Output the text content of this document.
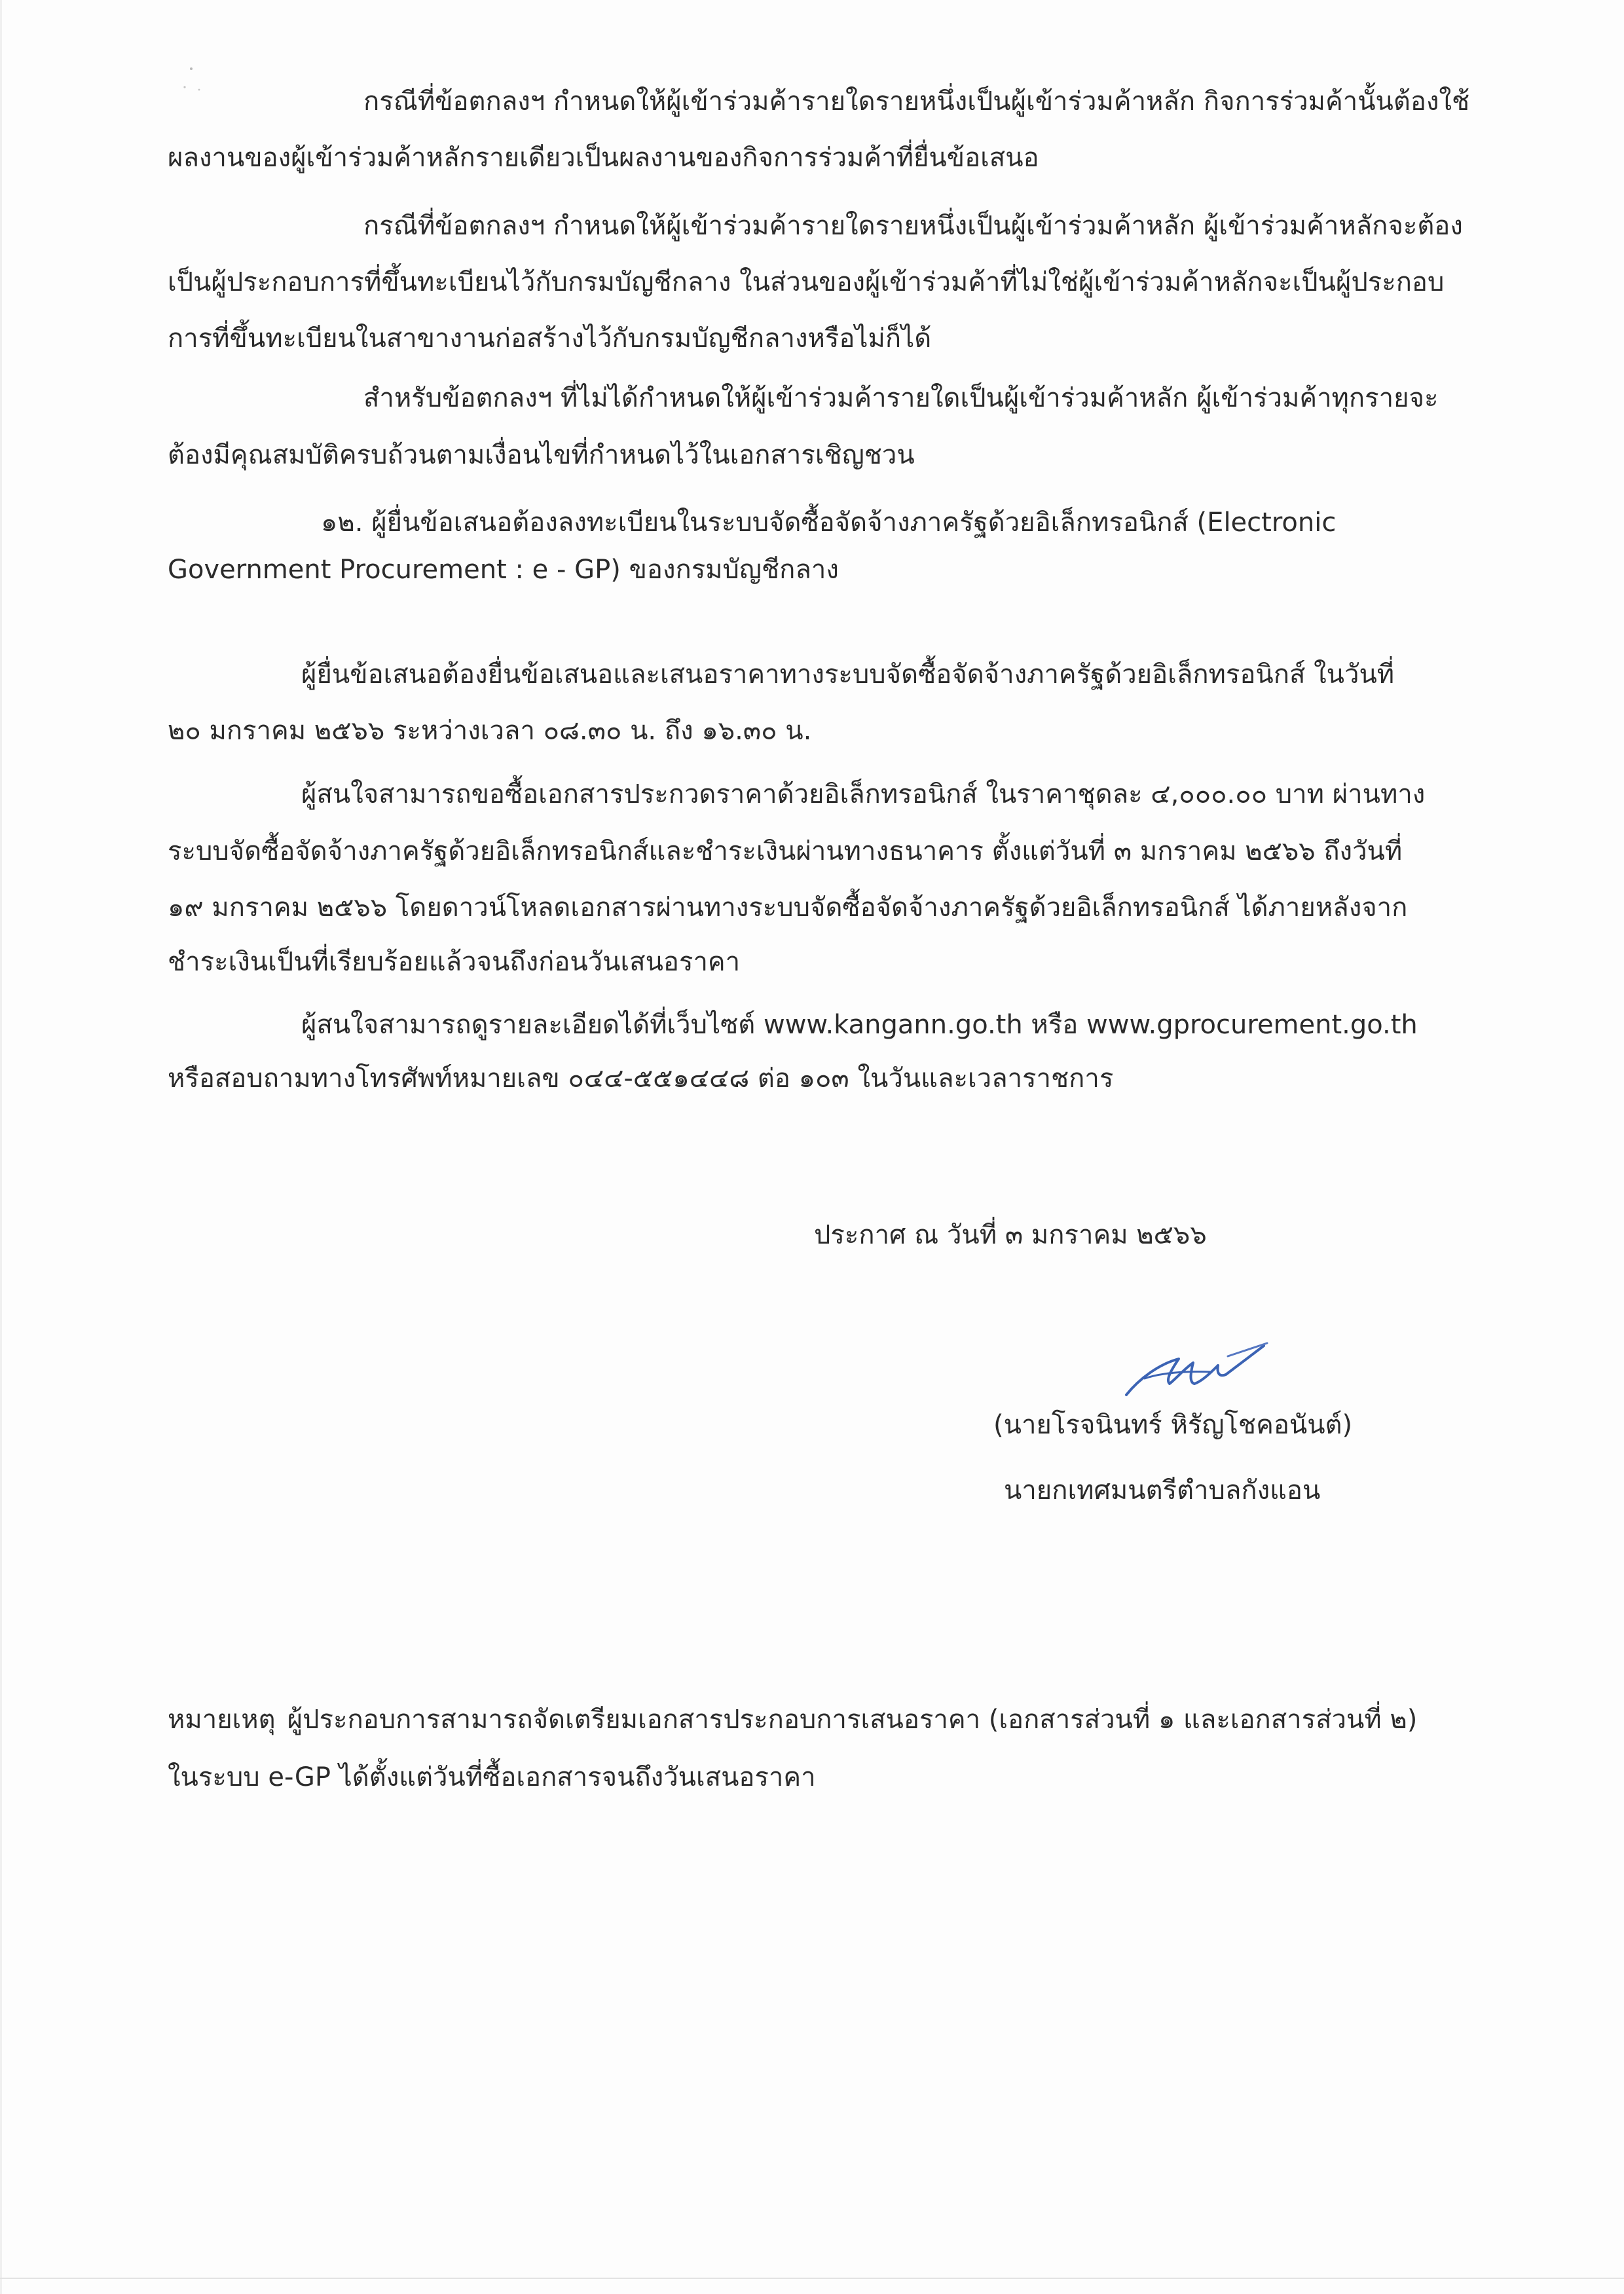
กรณีที่ข้อตกลงฯ กำหนดให้ผู้เข้าร่วมค้ารายใดรายหนึ่งเป็นผู้เข้าร่วมค้าหลัก กิจการร่วมค้านั้นต้องใช้
ผลงานของผู้เข้าร่วมค้าหลักรายเดียวเป็นผลงานของกิจการร่วมค้าที่ยื่นข้อเสนอ
กรณีที่ข้อตกลงฯ กำหนดให้ผู้เข้าร่วมค้ารายใดรายหนึ่งเป็นผู้เข้าร่วมค้าหลัก ผู้เข้าร่วมค้าหลักจะต้อง
เป็นผู้ประกอบการที่ขึ้นทะเบียนไว้กับกรมบัญชีกลาง ในส่วนของผู้เข้าร่วมค้าที่ไม่ใช่ผู้เข้าร่วมค้าหลักจะเป็นผู้ประกอบ
การที่ขึ้นทะเบียนในสาขางานก่อสร้างไว้กับกรมบัญชีกลางหรือไม่ก็ได้
สำหรับข้อตกลงฯ ที่ไม่ได้กำหนดให้ผู้เข้าร่วมค้ารายใดเป็นผู้เข้าร่วมค้าหลัก ผู้เข้าร่วมค้าทุกรายจะ
ต้องมีคุณสมบัติครบถ้วนตามเงื่อนไขที่กำหนดไว้ในเอกสารเชิญชวน
๑๒. ผู้ยื่นข้อเสนอต้องลงทะเบียนในระบบจัดซื้อจัดจ้างภาครัฐด้วยอิเล็กทรอนิกส์ (Electronic
Government Procurement : e - GP) ของกรมบัญชีกลาง
ผู้ยื่นข้อเสนอต้องยื่นข้อเสนอและเสนอราคาทางระบบจัดซื้อจัดจ้างภาครัฐด้วยอิเล็กทรอนิกส์ ในวันที่
๒๐ มกราคม ๒๕๖๖ ระหว่างเวลา ๐๘.๓๐ น. ถึง ๑๖.๓๐ น.
ผู้สนใจสามารถขอซื้อเอกสารประกวดราคาด้วยอิเล็กทรอนิกส์ ในราคาชุดละ ๔,๐๐๐.๐๐ บาท ผ่านทาง
ระบบจัดซื้อจัดจ้างภาครัฐด้วยอิเล็กทรอนิกส์และชำระเงินผ่านทางธนาคาร ตั้งแต่วันที่ ๓ มกราคม ๒๕๖๖ ถึงวันที่
๑๙ มกราคม ๒๕๖๖ โดยดาวน์โหลดเอกสารผ่านทางระบบจัดซื้อจัดจ้างภาครัฐด้วยอิเล็กทรอนิกส์ ได้ภายหลังจาก
ชำระเงินเป็นที่เรียบร้อยแล้วจนถึงก่อนวันเสนอราคา
ผู้สนใจสามารถดูรายละเอียดได้ที่เว็บไซต์ www.kangann.go.th หรือ www.gprocurement.go.th
หรือสอบถามทางโทรศัพท์หมายเลข ๐๔๔-๕๕๑๔๔๘ ต่อ ๑๐๓ ในวันและเวลาราชการ
ประกาศ ณ วันที่ ๓ มกราคม ๒๕๖๖
(นายโรจนินทร์ หิรัญโชคอนันต์)
นายกเทศมนตรีตำบลกังแอน
หมายเหตุ ผู้ประกอบการสามารถจัดเตรียมเอกสารประกอบการเสนอราคา (เอกสารส่วนที่ ๑ และเอกสารส่วนที่ ๒)
ในระบบ e-GP ได้ตั้งแต่วันที่ซื้อเอกสารจนถึงวันเสนอราคา
